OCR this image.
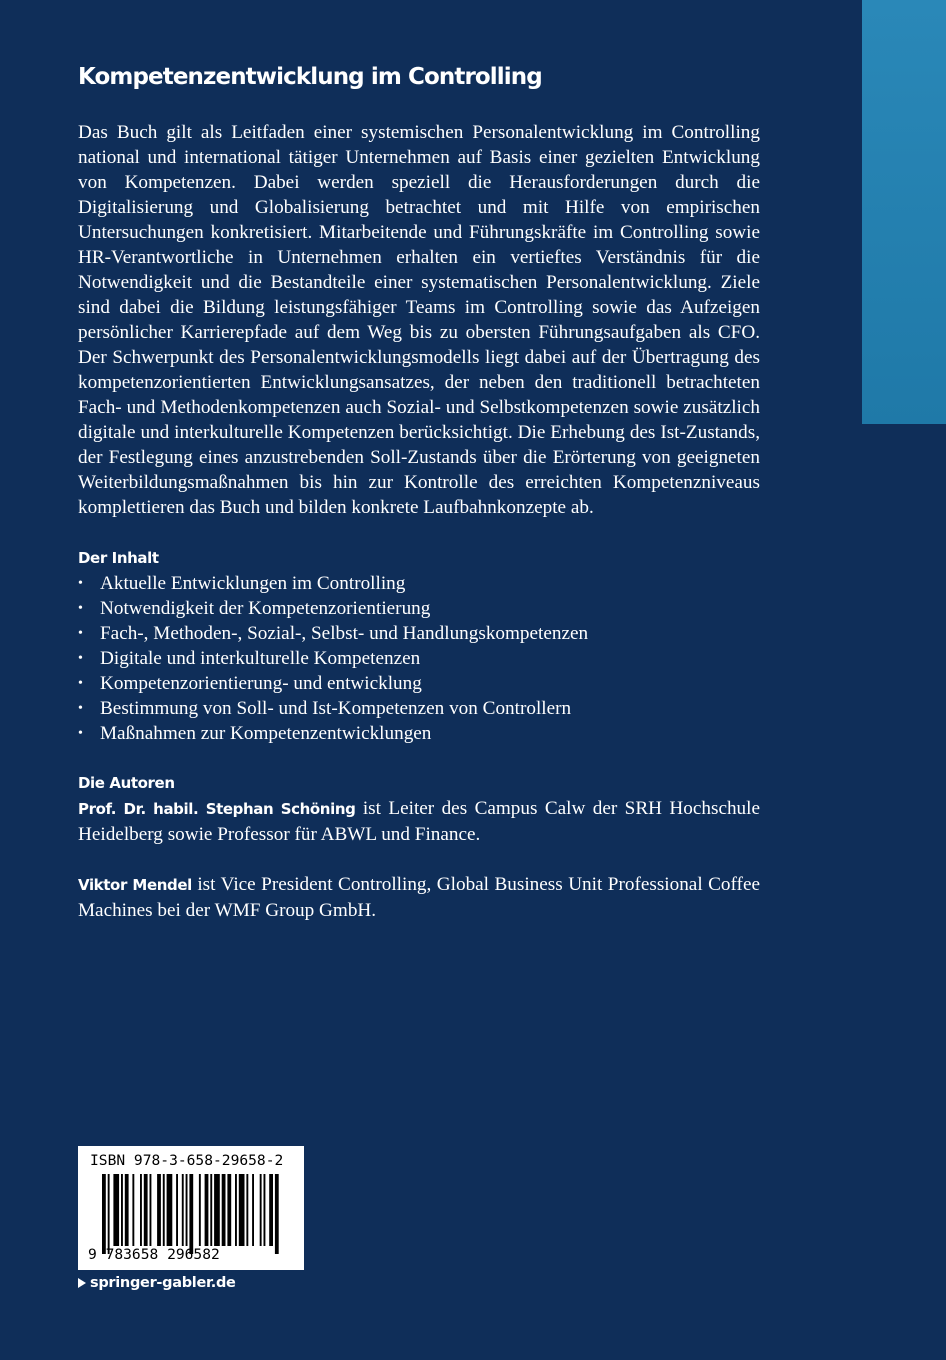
Kompetenzentwicklung im Controlling

Das Buch gilt als Leitfaden einer systemischen Personalentwicklung im Controlling national und international tätiger Unternehmen auf Basis einer gezielten Entwicklung von Kompetenzen. Dabei werden speziell die Herausforderungen durch die Digitalisierung und Globalisierung betrachtet und mit Hilfe von empirischen Untersuchungen konkretisiert. Mitarbeitende und Führungskräfte im Controlling sowie HR-Verantwortliche in Unternehmen erhalten ein vertieftes Verständnis für die Notwendigkeit und die Bestandteile einer systematischen Personalentwicklung. Ziele sind dabei die Bildung leistungsfähiger Teams im Controlling sowie das Aufzeigen persönlicher Karrierepfade auf dem Weg bis zu obersten Führungsaufgaben als CFO. Der Schwerpunkt des Personalentwicklungsmodells liegt dabei auf der Übertragung des kompetenzorientierten Entwicklungsansatzes, der neben den traditionell betrachteten Fach- und Methodenkompetenzen auch Sozial- und Selbstkompetenzen sowie zusätzlich digitale und interkulturelle Kompetenzen berücksichtigt. Die Erhebung des Ist-Zustands, der Festlegung eines anzustrebenden Soll-Zustands über die Erörterung von geeigneten Weiterbildungsmaßnahmen bis hin zur Kontrolle des erreichten Kompetenzniveaus komplettieren das Buch und bilden konkrete Laufbahnkonzepte ab.

Der Inhalt
• Aktuelle Entwicklungen im Controlling
• Notwendigkeit der Kompetenzorientierung
• Fach-, Methoden-, Sozial-, Selbst- und Handlungskompetenzen
• Digitale und interkulturelle Kompetenzen
• Kompetenzorientierung- und entwicklung
• Bestimmung von Soll- und Ist-Kompetenzen von Controllern
• Maßnahmen zur Kompetenzentwicklungen
Die Autoren

Prof. Dr. habil. Stephan Schöning ist Leiter des Campus Calw der SRH Hochschule Heidelberg sowie Professor für ABWL und Finance.

Viktor Mendel ist Vice President Controlling, Global Business Unit Professional Coffee Machines bei der WMF Group GmbH.

ISBN 978-3-658-29658-2
9 783658 296582
springer-gabler.de
